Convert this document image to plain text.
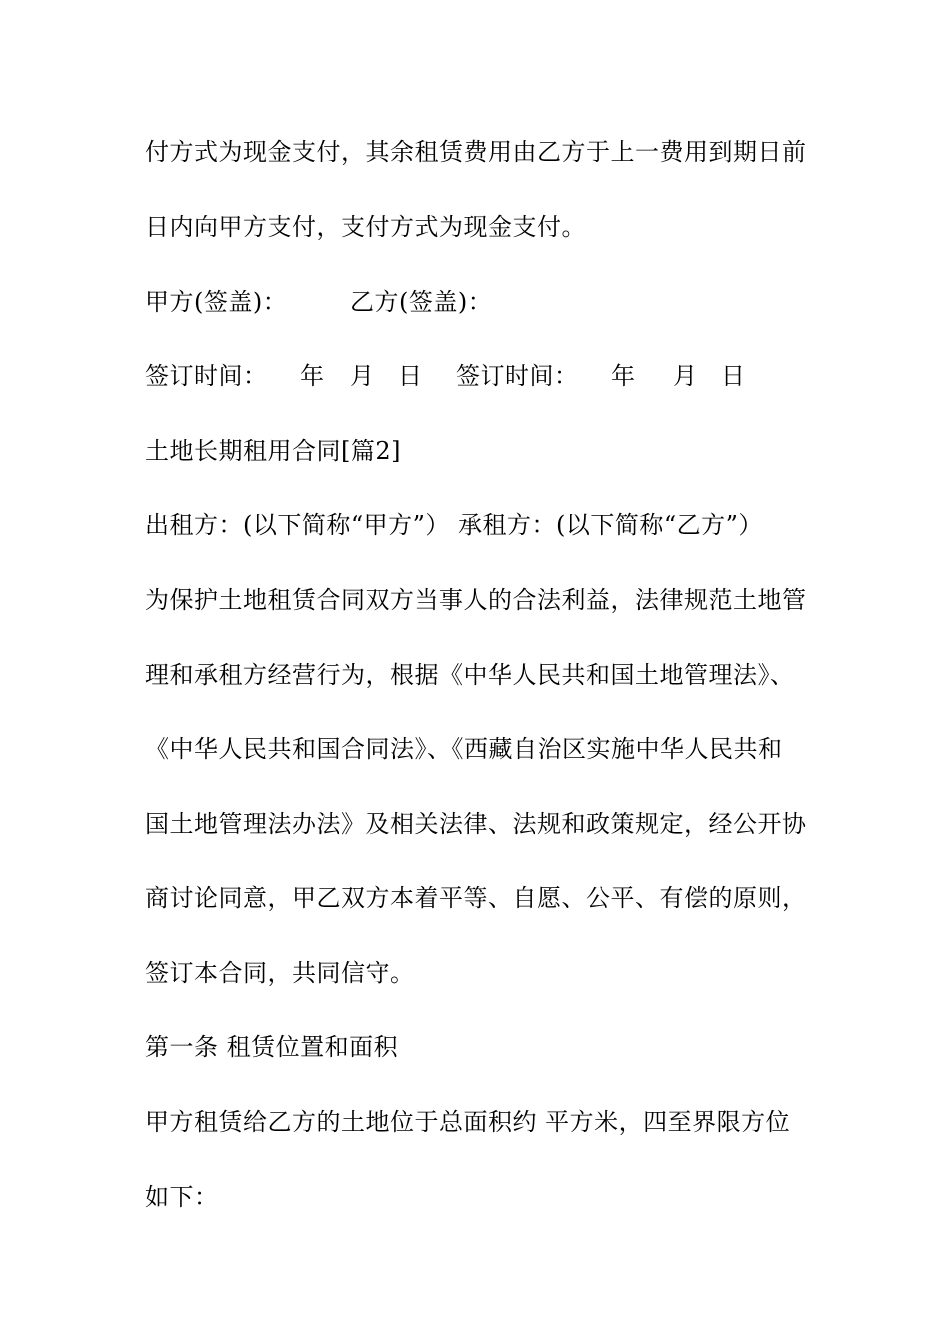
付方式为现金支付，其余租赁费用由乙方于上一费用到期日前
日内向甲方支付，支付方式为现金支付。
甲方(签盖)：	乙方(签盖)：
签订时间： 年 月 日 签订时间： 年 月 日
土地长期租用合同[篇2]
出租方：(以下简称“甲方”） 承租方：(以下简称“乙方”）
为保护土地租赁合同双方当事人的合法利益，法律规范土地管
理和承租方经营行为，根据《中华人民共和国土地管理法》、
《中华人民共和国合同法》、《西藏自治区实施中华人民共和
国土地管理法办法》及相关法律、法规和政策规定，经公开协
商讨论同意，甲乙双方本着平等、自愿、公平、有偿的原则，
签订本合同，共同信守。
第一条 租赁位置和面积
甲方租赁给乙方的土地位于总面积约 平方米，四至界限方位
如下：
